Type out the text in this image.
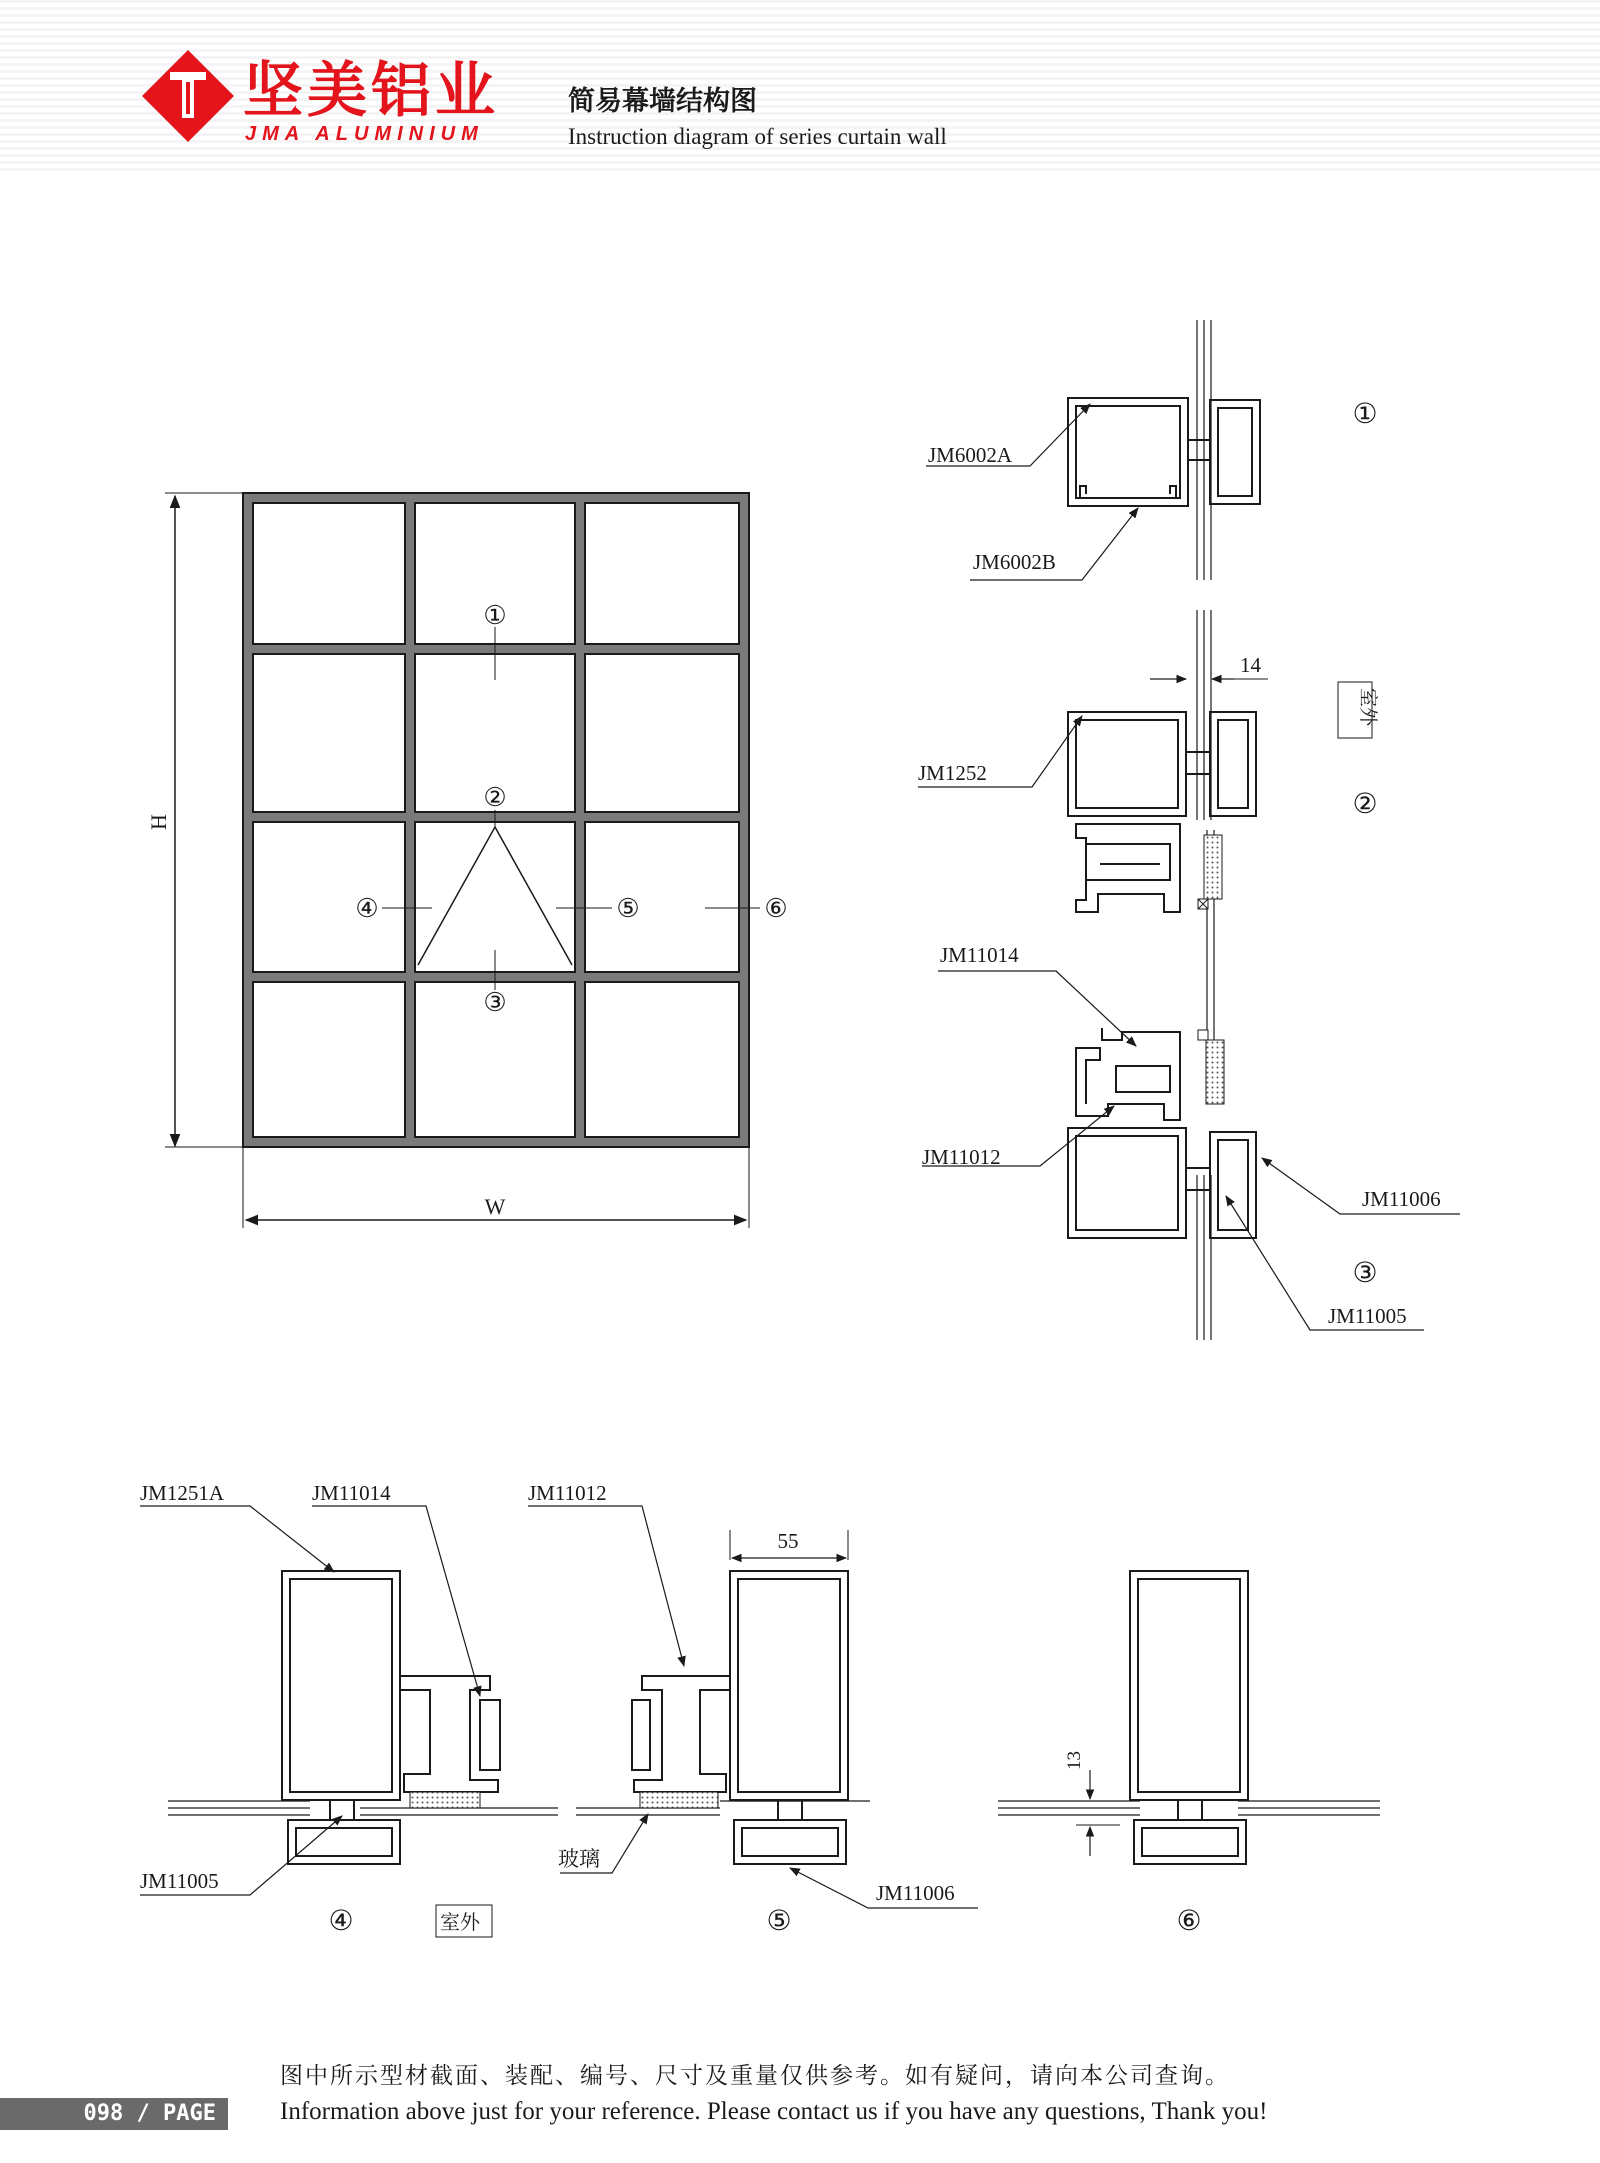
坚美铝业
JMA ALUMINIUM
简易幕墙结构图
Instruction diagram of series curtain wall
H
W
①
②
③
④	⑤	⑥
JM6002A
JM6002B
JM1252
JM11014
JM11012
JM11006
JM11005
①
②
③
14
室外
JM1251A	JM11014	JM11012
JM11005	JM11006
玻璃
室外
55
13
④	⑤	⑥
图中所示型材截面、装配、编号、尺寸及重量仅供参考。如有疑问，请向本公司查询。
Information above just for your reference. Please contact us if you have any questions, Thank you!
098 / PAGE
